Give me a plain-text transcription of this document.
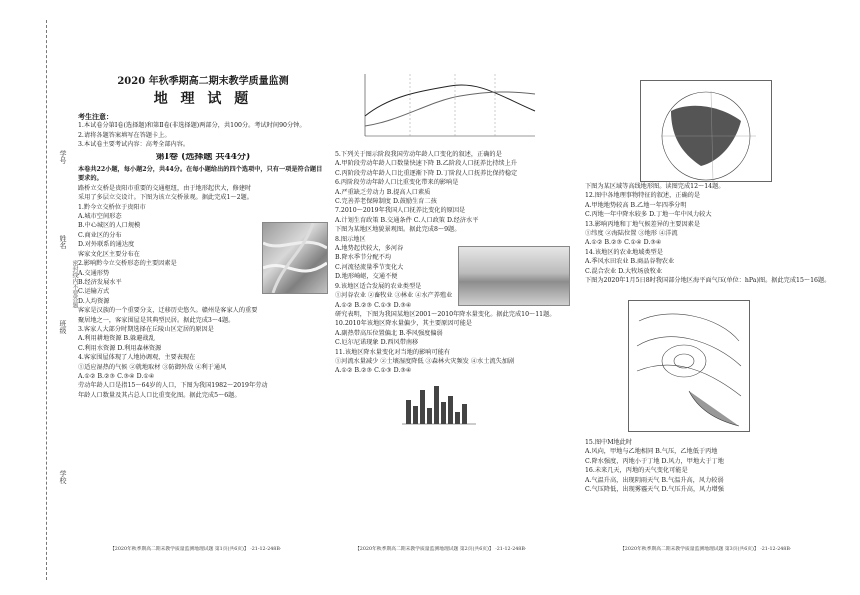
学号
姓名
班级
学校
密封线内不要答题
2020 年秋季期高二期末教学质量监测
地 理 试 题

考生注意：

1.本试卷分第Ⅰ卷(选择题)和第Ⅱ卷(非选择题)两部分，共100分。考试时间90分钟。

2.请将各题答案填写在答题卡上。

3.本试卷主要考试内容：高考全部内容。

第Ⅰ卷 (选择题 共44分)

本卷共22小题，每小题2分，共44分。在每小题给出的四个选项中，只有一项是符合题目要求的。

路桥立交桥是贵阳市重要的交通枢纽，由于地形起伏大，修建时

采用了多层立交设计。下图为该立交桥景观。据此完成1～2题。

1.黔今立交桥位于贵阳市

A.城市空间形态

B.中心城区的人口规模

C.商业区的分布

D.对外联系的通达度

客家文化区主要分布在

2.影响黔今立交桥形态的主要因素是

A.交通形势

B.经济发展水平

C.运输方式

D.人均资源

客家是汉族的一个重要分支，迁移历史悠久。赣州是客家人的重要

聚居地之一，客家围屋是其典型民居。据此完成3～4题。

3.客家人大部分时期选择在丘陵山区定居的原因是

A.利用耕地资源 B.躲避战乱

C.利用水资源 D.利用森林资源

4.客家围屋体现了人地协调观，主要表现在

①适应湿热的气候 ②就地取材 ③防御外敌 ④利于通风

A.①② B.②③ C.③④ D.①④

劳动年龄人口是指15～64岁的人口，下图为我国1982～2019年劳动

年龄人口数量及其占总人口比重变化图。据此完成5～6题。

5.下列关于图示阶段我国劳动年龄人口变化的叙述，正确的是

A.甲阶段劳动年龄人口数量快速下降 B.乙阶段人口抚养比持续上升

C.丙阶段劳动年龄人口比重逐渐下降 D.丁阶段人口抚养比保持稳定

6.丙阶段劳动年龄人口比重变化带来的影响是

A.严重缺乏劳动力 B.提高人口素质

C.完善养老保障制度 D.鼓励生育二孩

7.2010～2019年我国人口抚养比变化的原因是

A.计划生育政策 B.交通条件 C.人口政策 D.经济水平

下图为某地区地貌景观图。据此完成8～9题。

8.图示地区

A.地势起伏较大，多河谷

B.降水季节分配不均

C.河流径流量季节变化大

D.地形崎岖，交通不便

9.该地区适合发展的农业类型是

①河谷农业 ②畜牧业 ③林业 ④水产养殖业

A.①② B.②③ C.①③ D.③④

研究表明，下图为我国某地区2001～2010年降水量变化。据此完成10～11题。

10.2010年该地区降水量偏少，其主要原因可能是

A.副热带高压位置偏北 B.季风强度偏弱

C.厄尔尼诺现象 D.西风带南移

11.该地区降水量变化对当地的影响可能有

①河流水量减少 ②土壤湿度降低 ③森林火灾频发 ④水土流失加剧

A.①② B.②③ C.①③ D.③④

下图为某区域等高线地形图。读图完成12～14题。

12.图中各地理事物特征的叙述，正确的是

A.甲地地势较高 B.乙地一年四季分明

C.丙地一年中降水较多 D.丁地一年中风力较大

13.影响丙地和丁地气候差异的主要因素是

①纬度 ②海陆位置 ③地形 ④洋流

A.①② B.②③ C.①④ D.③④

14.该地区的农业地域类型是

A.季风水田农业 B.商品谷物农业

C.混合农业 D.大牧场放牧业

下图为2020年1月5日8时我国部分地区海平面气压(单位：hPa)图。据此完成15～16题。

15.图中M地此时

A.风向，甲地与乙地相同 B.气压，乙地低于丙地

C.降水强度，丙地小于丁地 D.风力，甲地大于丁地

16.未来几天，丙地的天气变化可能是

A.气温升高，出现阴雨天气 B.气温升高，风力较弱

C.气压降低，出现雾霾天气 D.气压升高，风力增强

【2020年秋季期高二期末教学质量监测地理试题 第1页(共6页)】 ·21-12-248B·	【2020年秋季期高二期末教学质量监测地理试题 第2页(共6页)】 ·21-12-248B·	【2020年秋季期高二期末教学质量监测地理试题 第3页(共6页)】 ·21-12-248B·
